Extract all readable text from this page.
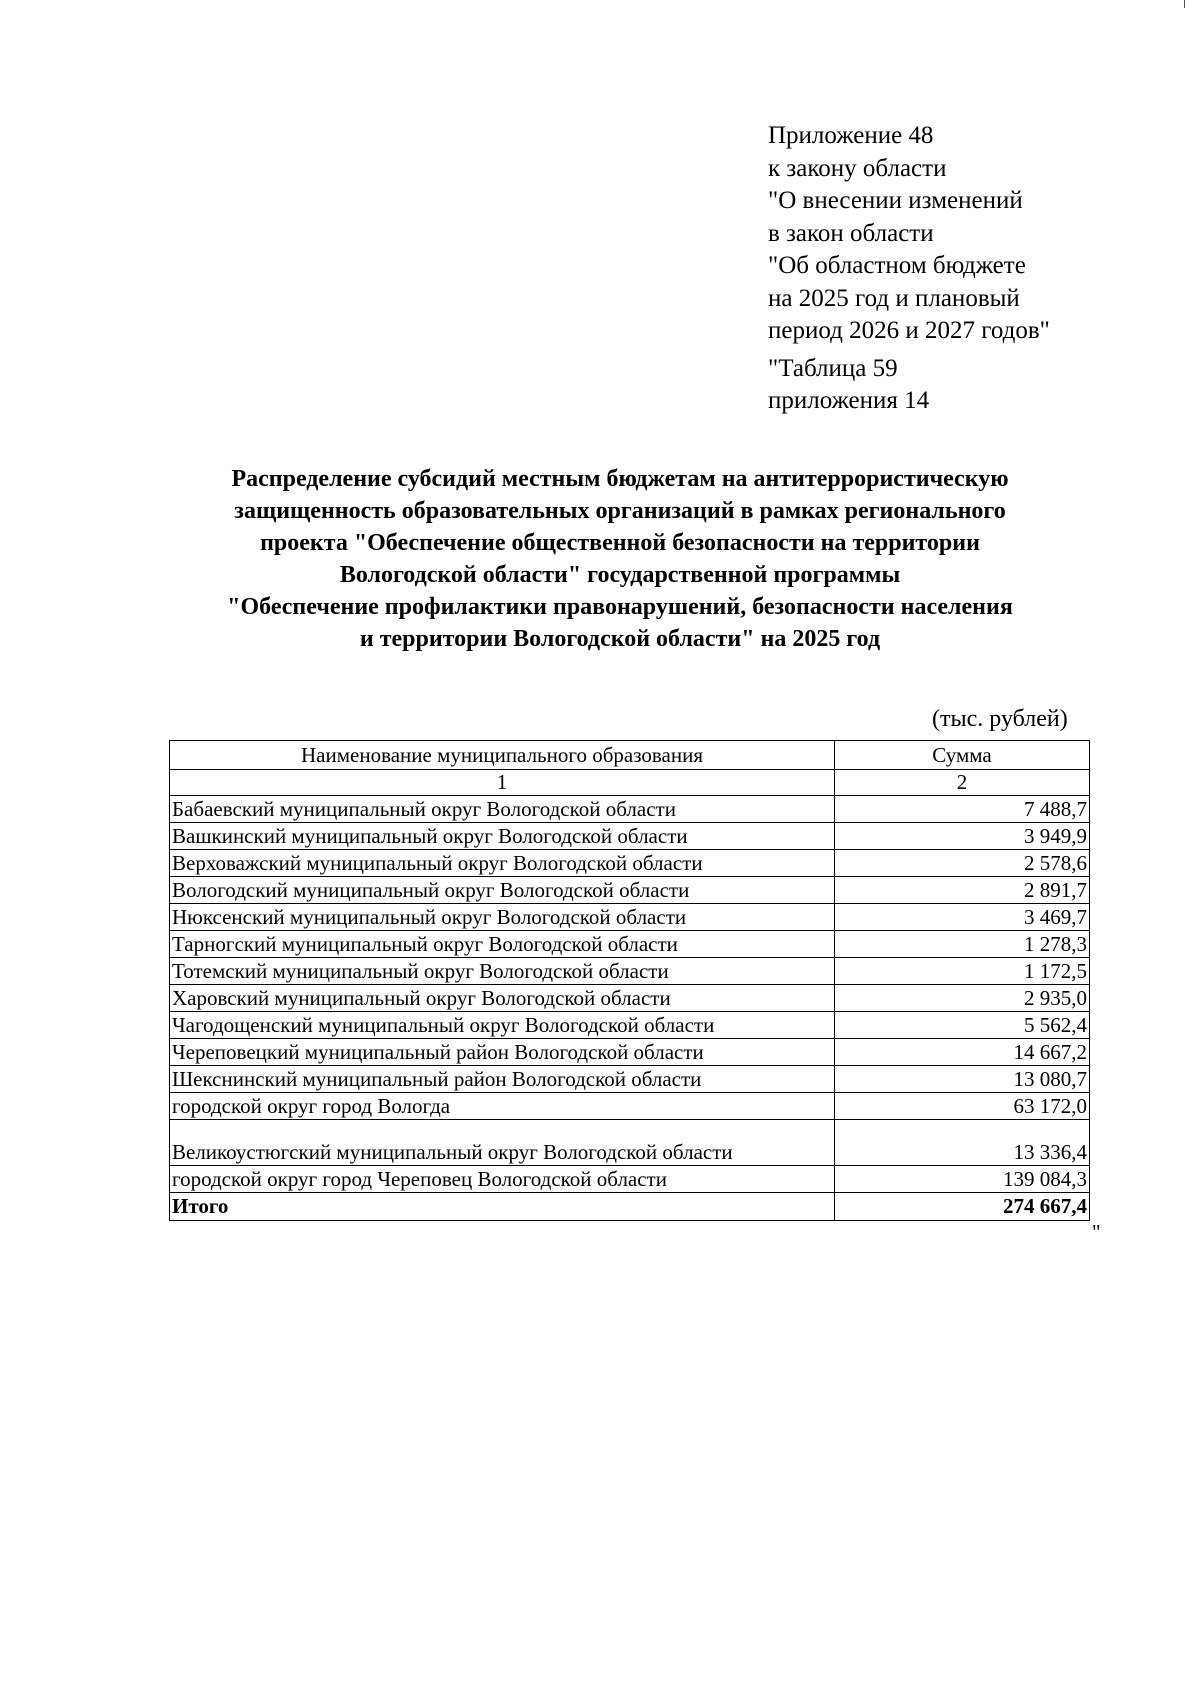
Приложение 48
к закону области
"О внесении изменений
в закон области
"Об областном бюджете
на 2025 год и плановый
период 2026 и 2027 годов"
"Таблица 59
приложения 14
Распределение субсидий местным бюджетам на антитеррористическую
защищенность образовательных организаций в рамках регионального
проекта "Обеспечение общественной безопасности на территории
Вологодской области" государственной программы
"Обеспечение профилактики правонарушений, безопасности населения
и территории Вологодской области" на 2025 год
(тыс. рублей)
Наименование муниципального образования	Сумма
1	2
Бабаевский муниципальный округ Вологодской области	7 488,7
Вашкинский муниципальный округ Вологодской области	3 949,9
Верховажский муниципальный округ Вологодской области	2 578,6
Вологодский муниципальный округ Вологодской области	2 891,7
Нюксенский муниципальный округ Вологодской области	3 469,7
Тарногский муниципальный округ Вологодской области	1 278,3
Тотемский муниципальный округ Вологодской области	1 172,5
Харовский муниципальный округ Вологодской области	2 935,0
Чагодощенский муниципальный округ Вологодской области	5 562,4
Череповецкий муниципальный район Вологодской области	14 667,2
Шекснинский муниципальный район Вологодской области	13 080,7
городской округ город Вологда	63 172,0
Великоустюгский муниципальный округ Вологодской области	13 336,4
городской округ город Череповец Вологодской области	139 084,3
Итого	274 667,4
"
